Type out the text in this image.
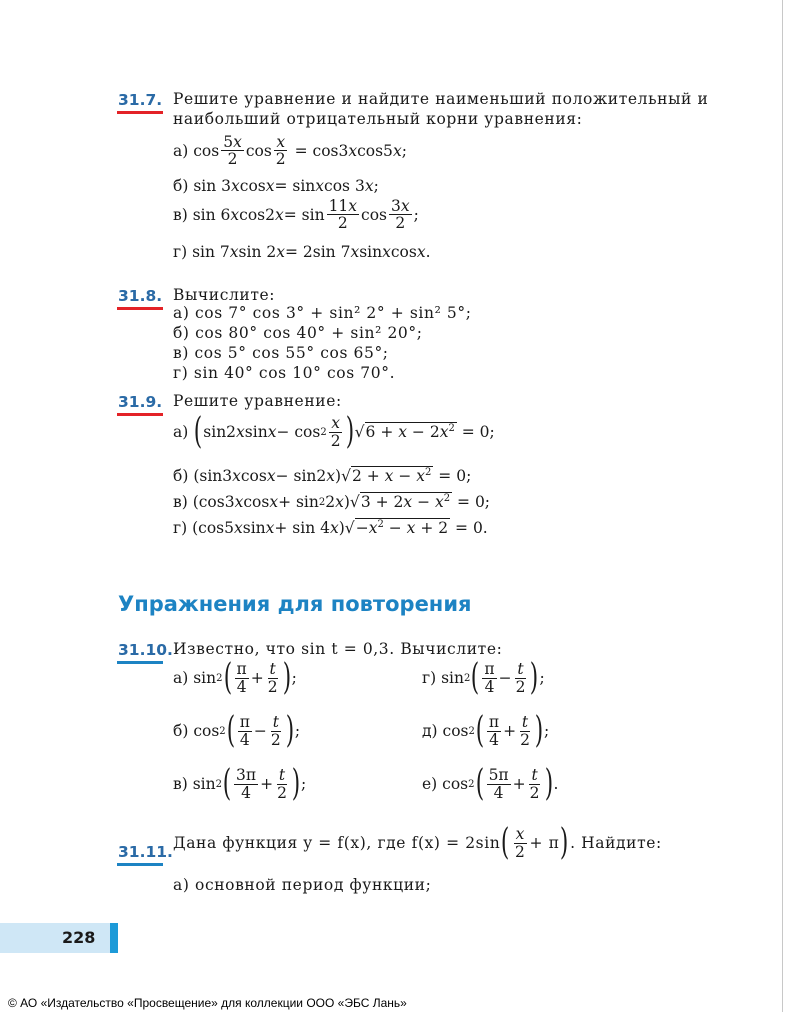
31.7. Решите уравнение и найдите наименьший положительный и
наибольший отрицательный корни уравнения:
а) $\cos \frac{5x}{2}$ $\cos \frac{x}{2} = \cos 3$ x cos5 x ;
б) sin 3 x cos x = sin x cos 3 x ;
в) sin 6 x cos2 $x = \sin \frac{11x}{2}$ $\cos \frac{3x}{2}$ ;
г) sin 7 x sin 2 x = 2sin 7 x sin x cos x .
31.8. Вычислите:
а) cos 7° cos 3° + sin² 2° + sin² 5°;
б) cos 80° cos 40° + sin² 20°;
в) cos 5° cos 55° cos 65°;
г) sin 40° cos 10° cos 70°.
31.9. Решите уравнение:
а)
( sin2 x $\sin x - \cos 2 \frac{x}{2}$ ) √ $6 + x - 2x^2 = 0$;
б) (sin3 x cos x − sin2 x )√ $2 + x - x^2 = 0$;
в) (cos3 x cos x + sin 2 2 x )√ $3 + 2x - x^2 = 0$;
г) (cos5 x sin x + sin 4 x )√ $-x^2 - x + 2 = 0$.
Упражнения для повторения
31.10. Известно, что sin t = 0,3. Вычислите:
а) sin 2 ( $\frac{\pi}{4} + \frac{t}{2}$ ) ;	г) sin 2 ( $\frac{\pi}{4} - \frac{t}{2}$ ) ;
б) cos 2 ( $\frac{\pi}{4} - \frac{t}{2}$ ) ;	д) cos 2 ( $\frac{\pi}{4} + \frac{t}{2}$ ) ;
в) sin 2 ( $\frac{3\pi}{4} + \frac{t}{2}$ ) ;	е) cos 2 ( $\frac{5\pi}{4} + \frac{t}{2}$ ) .
31.11. Дана функция y = f(x), где f(x) = 2sin ( $\frac{x}{2} + \pi$ ) . Найдите:
а) основной период функции;
228
© АО «Издательство «Просвещение» для коллекции ООО «ЭБС Лань»
